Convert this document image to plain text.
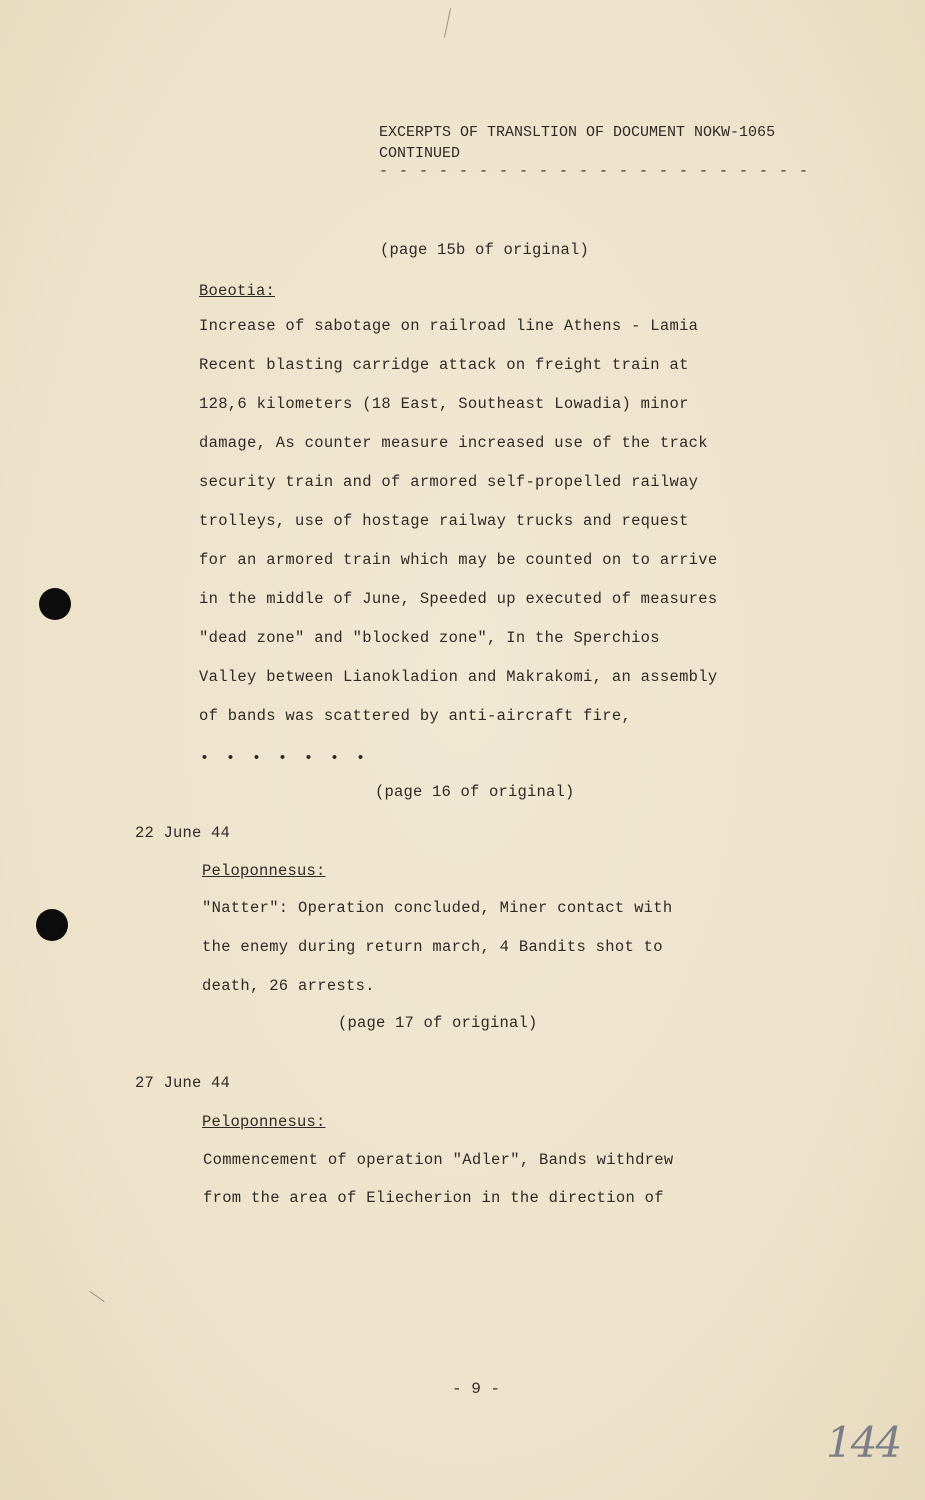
EXCERPTS OF TRANSLTION OF DOCUMENT NOKW-1065
CONTINUED
- - - - - - - - - - - - - - - - - - - - - -
(page 15b of original)
Boeotia:
Increase of sabotage on railroad line Athens - Lamia
Recent blasting carridge attack on freight train at
128,6 kilometers (18 East, Southeast Lowadia) minor
damage, As counter measure increased use of the track
security train and of armored self-propelled railway
trolleys, use of hostage railway trucks and request
for an armored train which may be counted on to arrive
in the middle of June, Speeded up executed of measures
"dead zone" and "blocked zone", In the Sperchios
Valley between Lianokladion and Makrakomi, an assembly
of bands was scattered by anti-aircraft fire,
• • • • • • •
(page 16 of original)
22 June 44
Peloponnesus:
"Natter": Operation concluded, Miner contact with
the enemy during return march, 4 Bandits shot to
death, 26 arrests.
(page 17 of original)
27 June 44
Peloponnesus:
Commencement of operation "Adler", Bands withdrew
from the area of Eliecherion in the direction of
- 9 -
144
